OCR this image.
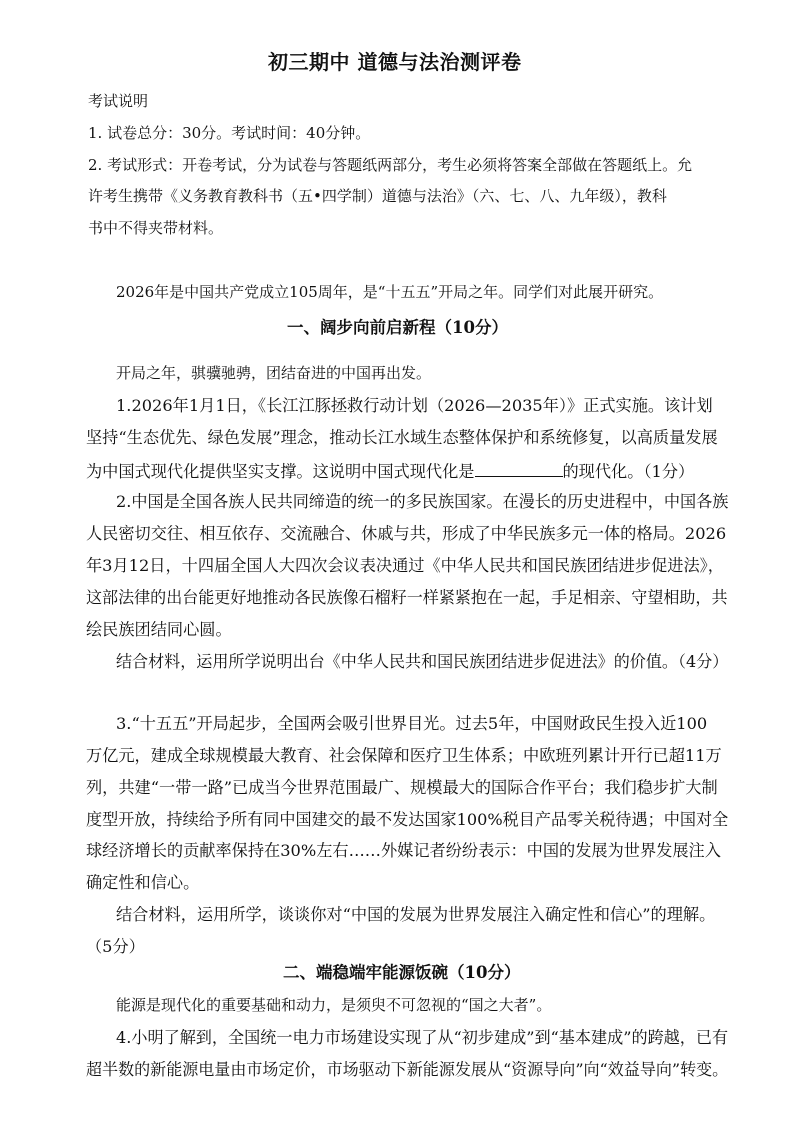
初三期中 道德与法治测评卷
考试说明
1. 试卷总分：30分。考试时间：40分钟。
2. 考试形式：开卷考试，分为试卷与答题纸两部分，考生必须将答案全部做在答题纸上。允
许考生携带《义务教育教科书（五•四学制）道德与法治》（六、七、八、九年级），教科
书中不得夹带材料。
2026年是中国共产党成立105周年，是“十五五”开局之年。同学们对此展开研究。
一、阔步向前启新程（10分）
开局之年，骐骥驰骋，团结奋进的中国再出发。
1.2026年1月1日，《长江江豚拯救行动计划（2026—2035年）》正式实施。该计划
坚持“生态优先、绿色发展”理念，推动长江水域生态整体保护和系统修复，以高质量发展
为中国式现代化提供坚实支撑。这说明中国式现代化是	的现代化。（1分）
2.中国是全国各族人民共同缔造的统一的多民族国家。在漫长的历史进程中，中国各族
人民密切交往、相互依存、交流融合、休戚与共，形成了中华民族多元一体的格局。2026
年3月12日，十四届全国人大四次会议表决通过《中华人民共和国民族团结进步促进法》，
这部法律的出台能更好地推动各民族像石榴籽一样紧紧抱在一起，手足相亲、守望相助，共
绘民族团结同心圆。
结合材料，运用所学说明出台《中华人民共和国民族团结进步促进法》的价值。（4分）
3.“十五五”开局起步，全国两会吸引世界目光。过去5年，中国财政民生投入近100
万亿元，建成全球规模最大教育、社会保障和医疗卫生体系；中欧班列累计开行已超11万
列，共建“一带一路”已成当今世界范围最广、规模最大的国际合作平台；我们稳步扩大制
度型开放，持续给予所有同中国建交的最不发达国家100%税目产品零关税待遇；中国对全
球经济增长的贡献率保持在30%左右……外媒记者纷纷表示：中国的发展为世界发展注入
确定性和信心。
结合材料，运用所学，谈谈你对“中国的发展为世界发展注入确定性和信心”的理解。
（5分）
二、端稳端牢能源饭碗（10分）
能源是现代化的重要基础和动力，是须臾不可忽视的“国之大者”。
4.小明了解到，全国统一电力市场建设实现了从“初步建成”到“基本建成”的跨越，已有
超半数的新能源电量由市场定价，市场驱动下新能源发展从“资源导向”向“效益导向”转变。
